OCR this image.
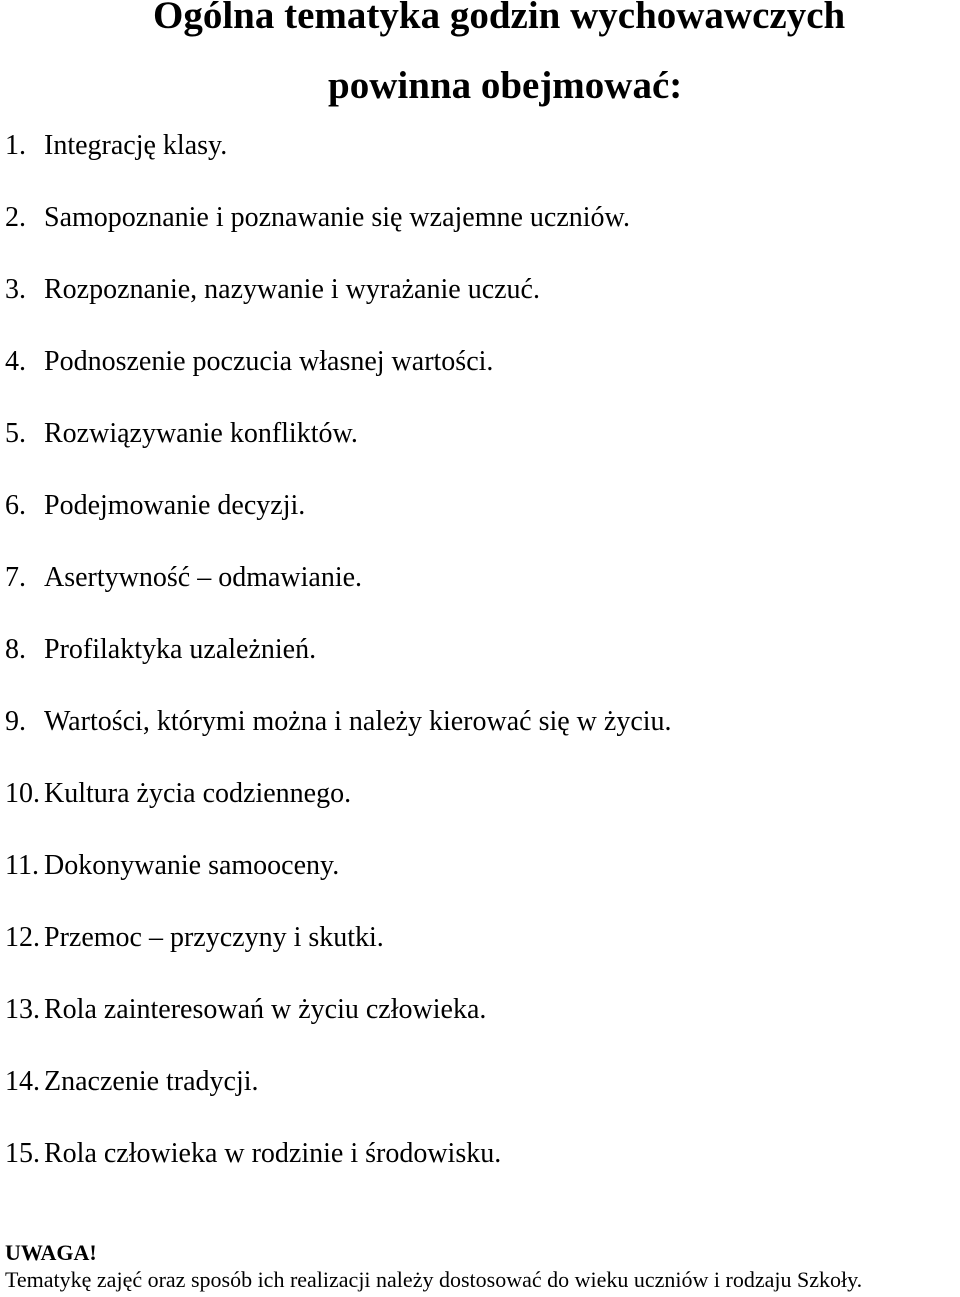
Ogólna tematyka godzin wychowawczych
powinna obejmować:
1. Integrację klasy.
2. Samopoznanie i poznawanie się wzajemne uczniów.
3. Rozpoznanie, nazywanie i wyrażanie uczuć.
4. Podnoszenie poczucia własnej wartości.
5. Rozwiązywanie konfliktów.
6. Podejmowanie decyzji.
7. Asertywność – odmawianie.
8. Profilaktyka uzależnień.
9. Wartości, którymi można i należy kierować się w życiu.
10. Kultura życia codziennego.
11. Dokonywanie samooceny.
12. Przemoc – przyczyny i skutki.
13. Rola zainteresowań w życiu człowieka.
14. Znaczenie tradycji.
15. Rola człowieka w rodzinie i środowisku.

UWAGA!

Tematykę zajęć oraz sposób ich realizacji należy dostosować do wieku uczniów i rodzaju Szkoły.
